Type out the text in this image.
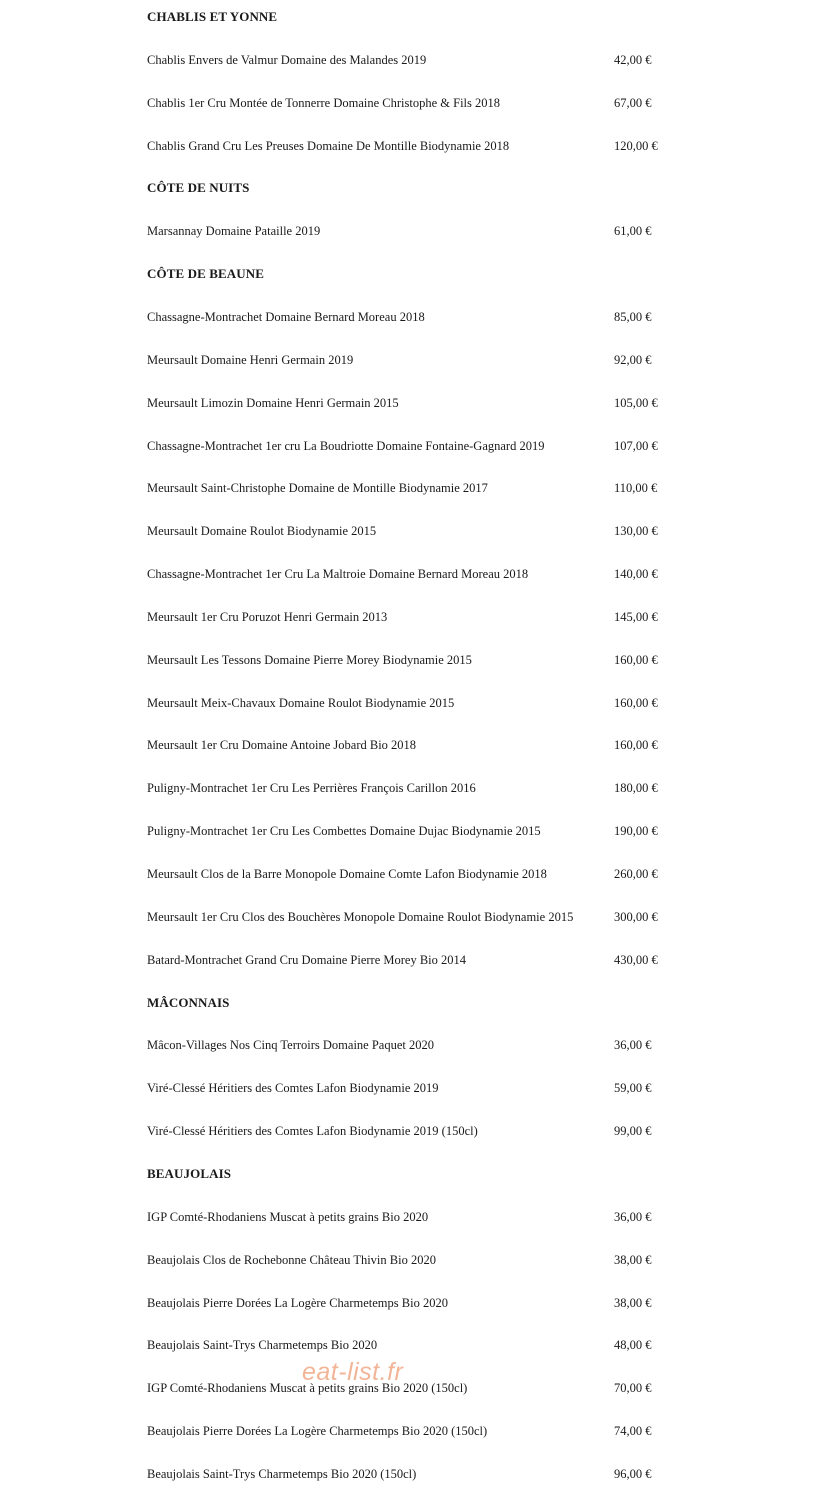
CHABLIS ET YONNE
Chablis Envers de Valmur Domaine des Malandes 2019	42,00 €
Chablis 1er Cru Montée de Tonnerre Domaine Christophe & Fils 2018	67,00 €
Chablis Grand Cru Les Preuses Domaine De Montille Biodynamie 2018	120,00 €
CÔTE DE NUITS
Marsannay Domaine Pataille 2019	61,00 €
CÔTE DE BEAUNE
Chassagne-Montrachet Domaine Bernard Moreau 2018	85,00 €
Meursault Domaine Henri Germain 2019	92,00 €
Meursault Limozin Domaine Henri Germain 2015	105,00 €
Chassagne-Montrachet 1er cru La Boudriotte Domaine Fontaine-Gagnard 2019	107,00 €
Meursault Saint-Christophe Domaine de Montille Biodynamie 2017	110,00 €
Meursault Domaine Roulot Biodynamie 2015	130,00 €
Chassagne-Montrachet 1er Cru La Maltroie Domaine Bernard Moreau 2018	140,00 €
Meursault 1er Cru Poruzot Henri Germain 2013	145,00 €
Meursault Les Tessons Domaine Pierre Morey Biodynamie 2015	160,00 €
Meursault Meix-Chavaux Domaine Roulot Biodynamie 2015	160,00 €
Meursault 1er Cru Domaine Antoine Jobard Bio 2018	160,00 €
Puligny-Montrachet 1er Cru Les Perrières François Carillon 2016	180,00 €
Puligny-Montrachet 1er Cru Les Combettes Domaine Dujac Biodynamie 2015	190,00 €
Meursault Clos de la Barre Monopole Domaine Comte Lafon Biodynamie 2018	260,00 €
Meursault 1er Cru Clos des Bouchères Monopole Domaine Roulot Biodynamie 2015	300,00 €
Batard-Montrachet Grand Cru Domaine Pierre Morey Bio 2014	430,00 €
MÂCONNAIS
Mâcon-Villages Nos Cinq Terroirs Domaine Paquet 2020	36,00 €
Viré-Clessé Héritiers des Comtes Lafon Biodynamie 2019	59,00 €
Viré-Clessé Héritiers des Comtes Lafon Biodynamie 2019 (150cl)	99,00 €
BEAUJOLAIS
IGP Comté-Rhodaniens Muscat à petits grains Bio 2020	36,00 €
Beaujolais Clos de Rochebonne Château Thivin Bio 2020	38,00 €
Beaujolais Pierre Dorées La Logère Charmetemps Bio 2020	38,00 €
Beaujolais Saint-Trys Charmetemps Bio 2020	48,00 €
IGP Comté-Rhodaniens Muscat à petits grains Bio 2020 (150cl)	70,00 €
Beaujolais Pierre Dorées La Logère Charmetemps Bio 2020 (150cl)	74,00 €
Beaujolais Saint-Trys Charmetemps Bio 2020 (150cl)	96,00 €
eat-list.fr
